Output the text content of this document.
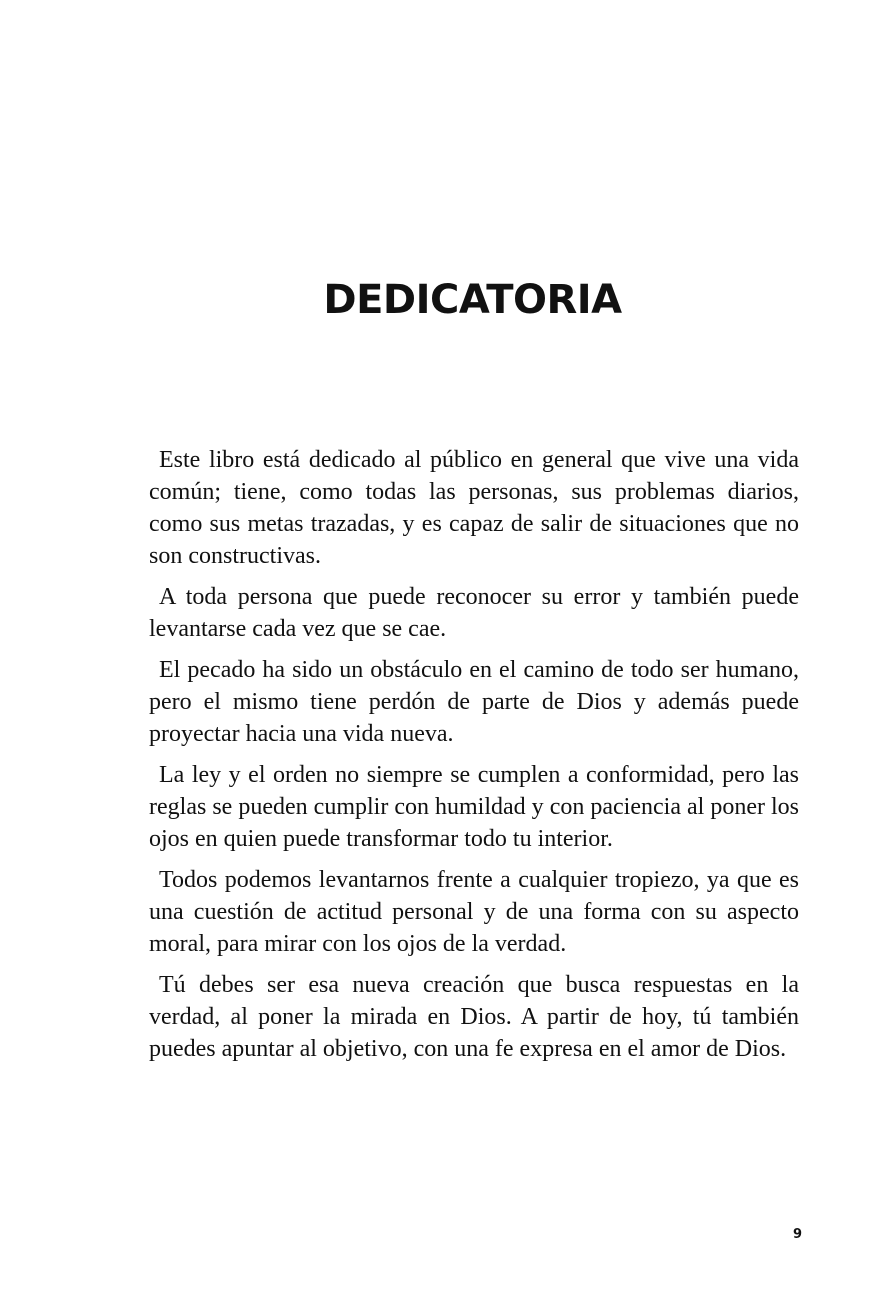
DEDICATORIA

Este libro está dedicado al público en general que vive una vida común; tiene, como todas las personas, sus problemas diarios, como sus metas trazadas, y es capaz de salir de situaciones que no son constructivas.

A toda persona que puede reconocer su error y también puede levantarse cada vez que se cae.

El pecado ha sido un obstáculo en el camino de todo ser humano, pero el mismo tiene perdón de parte de Dios y además puede proyectar hacia una vida nueva.

La ley y el orden no siempre se cumplen a conformidad, pero las reglas se pueden cumplir con humildad y con paciencia al poner los ojos en quien puede transformar todo tu interior.

Todos podemos levantarnos frente a cualquier tropiezo, ya que es una cuestión de actitud personal y de una forma con su aspecto moral, para mirar con los ojos de la verdad.

Tú debes ser esa nueva creación que busca respuestas en la verdad, al poner la mirada en Dios. A partir de hoy, tú también puedes apuntar al objetivo, con una fe expresa en el amor de Dios.

9
